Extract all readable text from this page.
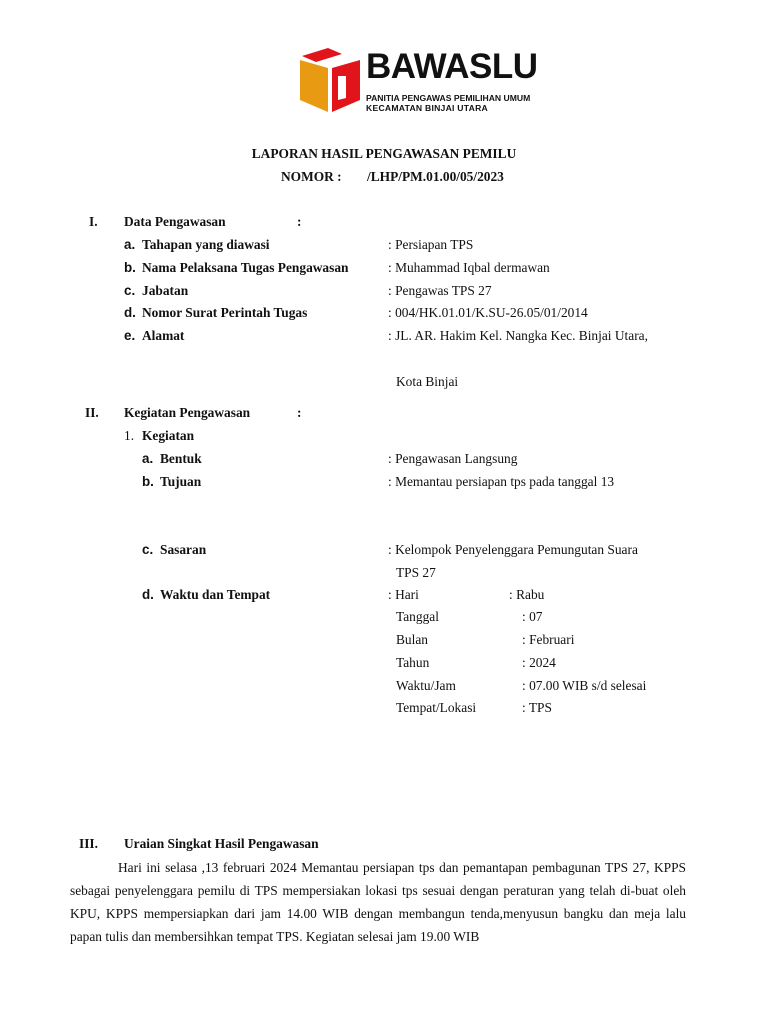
BAWASLU
PANITIA PENGAWAS PEMILIHAN UMUM
KECAMATAN BINJAI UTARA
LAPORAN HASIL PENGAWASAN PEMILU
NOMOR : /LHP/PM.01.00/05/2023
I. Data Pengawasan	:
a. Tahapan yang diawasi	: Persiapan TPS
b. Nama Pelaksana Tugas Pengawasan	: Muhammad Iqbal dermawan
c. Jabatan	: Pengawas TPS 27
d. Nomor Surat Perintah Tugas	: 004/HK.01.01/K.SU-26.05/01/2014
e. Alamat	: JL. AR. Hakim Kel. Nangka Kec. Binjai Utara,
Kota Binjai
II. Kegiatan Pengawasan	:
1. Kegiatan
a. Bentuk	: Pengawasan Langsung
b. Tujuan	: Memantau persiapan tps pada tanggal 13
c. Sasaran	: Kelompok Penyelenggara Pemungutan Suara
TPS 27
d. Waktu dan Tempat	: Hari	: Rabu
Tanggal	: 07
Bulan	: Februari
Tahun	: 2024
Waktu/Jam	: 07.00 WIB s/d selesai
Tempat/Lokasi	: TPS
III. Uraian Singkat Hasil Pengawasan

Hari ini selasa ,13 februari 2024 Memantau persiapan tps dan pemantapan pembagunan TPS 27, KPPS sebagai penyelenggara pemilu di TPS mempersiakan lokasi tps sesuai dengan peraturan yang telah di-buat oleh KPU, KPPS mempersiapkan dari jam 14.00 WIB dengan membangun tenda,menyusun bangku dan meja lalu papan tulis dan membersihkan tempat TPS. Kegiatan selesai jam 19.00 WIB
